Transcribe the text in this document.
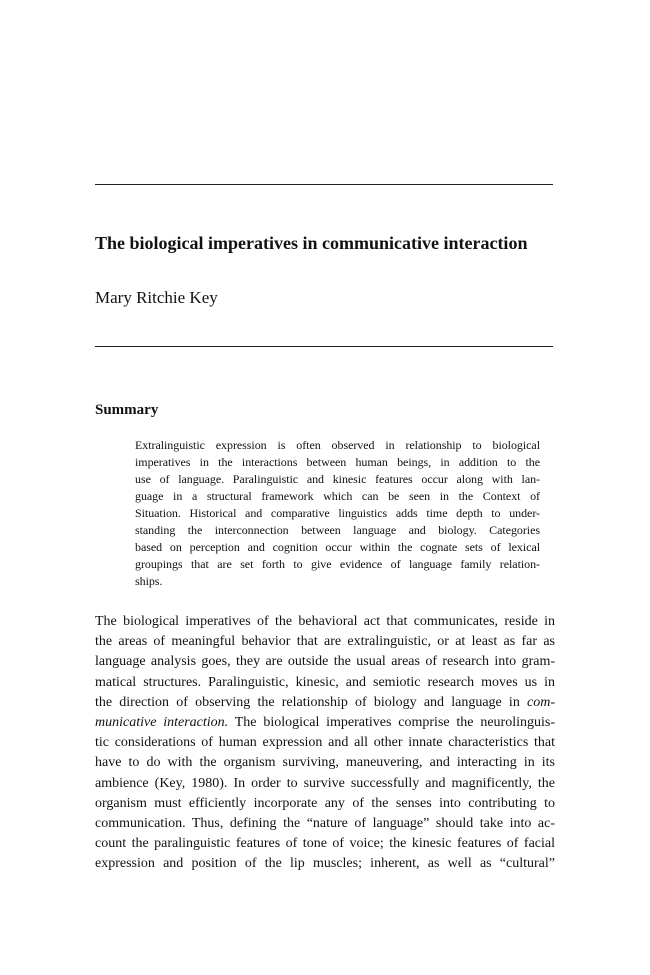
The biological imperatives in communicative interaction

Mary Ritchie Key

Summary
Extralinguistic expression is often observed in relationship to biological
imperatives in the interactions between human beings, in addition to the
use of language. Paralinguistic and kinesic features occur along with lan-
guage in a structural framework which can be seen in the Context of
Situation. Historical and comparative linguistics adds time depth to under-
standing the interconnection between language and biology. Categories
based on perception and cognition occur within the cognate sets of lexical
groupings that are set forth to give evidence of language family relation-
ships.
The biological imperatives of the behavioral act that communicates, reside in
the areas of meaningful behavior that are extralinguistic, or at least as far as
language analysis goes, they are outside the usual areas of research into gram-
matical structures. Paralinguistic, kinesic, and semiotic research moves us in
the direction of observing the relationship of biology and language in com-
municative interaction. The biological imperatives comprise the neurolinguis-
tic considerations of human expression and all other innate characteristics that
have to do with the organism surviving, maneuvering, and interacting in its
ambience (Key, 1980). In order to survive successfully and magnificently, the
organism must efficiently incorporate any of the senses into contributing to
communication. Thus, defining the “nature of language” should take into ac-
count the paralinguistic features of tone of voice; the kinesic features of facial
expression and position of the lip muscles; inherent, as well as “cultural”
